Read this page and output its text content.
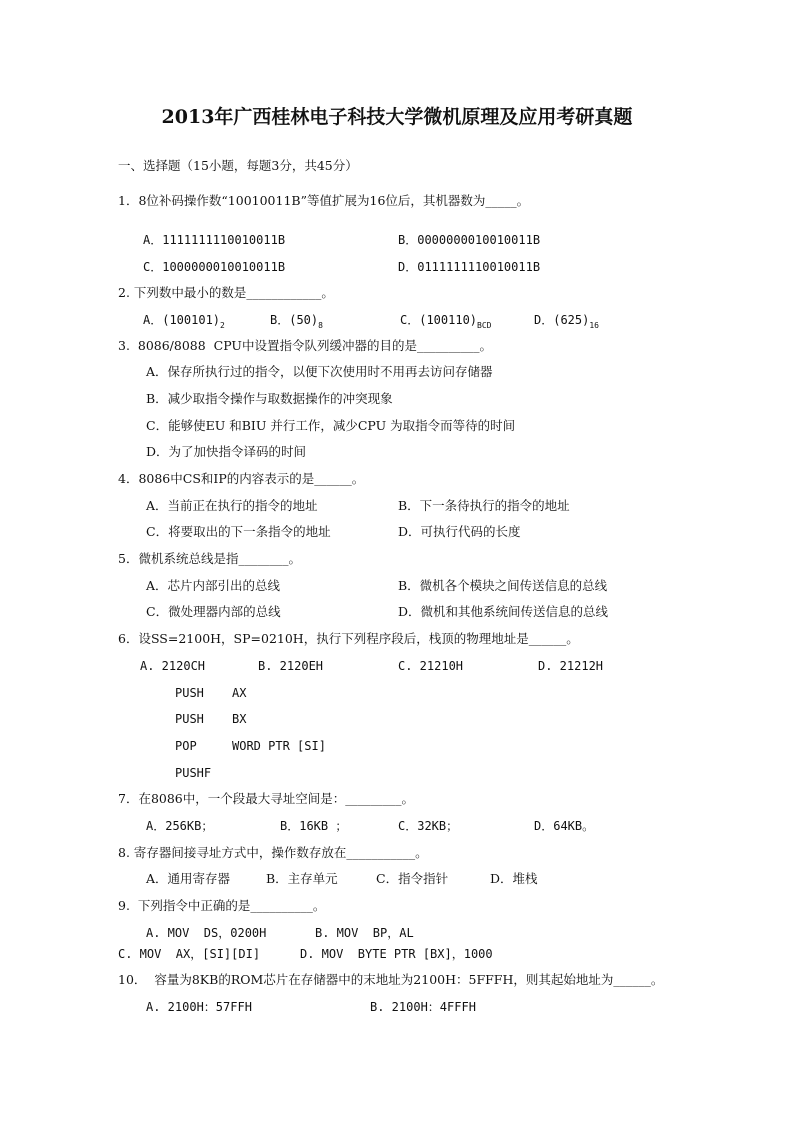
2013年广西桂林电子科技大学微机原理及应用考研真题
一、选择题（15小题，每题3分，共45分）
1．8位补码操作数“10010011B”等值扩展为16位后，其机器数为_____。
A．1111111110010011B	B．0000000010010011B
C．1000000010010011B	D．0111111110010011B
2. 下列数中最小的数是____________。
A．$(100101)_2$	B．$(50)_8$	C．$(100110)_{BCD}$	D．$(625)_{16}$
3.  8086/8088  CPU中设置指令队列缓冲器的目的是__________。
A．保存所执行过的指令，以便下次使用时不用再去访问存储器
B．减少取指令操作与取数据操作的冲突现象
C．能够使EU 和BIU 并行工作，减少CPU 为取指令而等待的时间
D．为了加快指令译码的时间
4．8086中CS和IP的内容表示的是______。
A．当前正在执行的指令的地址	B．下一条待执行的指令的地址
C．将要取出的下一条指令的地址	D．可执行代码的长度
5．微机系统总线是指________。
A．芯片内部引出的总线	B．微机各个模块之间传送信息的总线
C．微处理器内部的总线	D．微机和其他系统间传送信息的总线
6．设SS=2100H，SP=0210H，执行下列程序段后，栈顶的物理地址是______。
A. 2120CH	B. 2120EH	C. 21210H	D. 21212H
PUSH AX
PUSH BX
POP	WORD PTR [SI]
PUSHF
7．在8086中，一个段最大寻址空间是：_________。
A．256KB；	B．16KB ；	C．32KB；	D．64KB。
8. 寄存器间接寻址方式中，操作数存放在___________。
A．通用寄存器	B．主存单元	C．指令指针	D．堆栈
9.  下列指令中正确的是__________。
A. MOV  DS，0200H	B. MOV  BP，AL
C. MOV  AX，[SI][DI]	D. MOV  BYTE PTR [BX]，1000
10．  容量为8KB的ROM芯片在存储器中的末地址为2100H：5FFFH，则其起始地址为______。
A. 2100H：57FFH	B. 2100H：4FFFH
